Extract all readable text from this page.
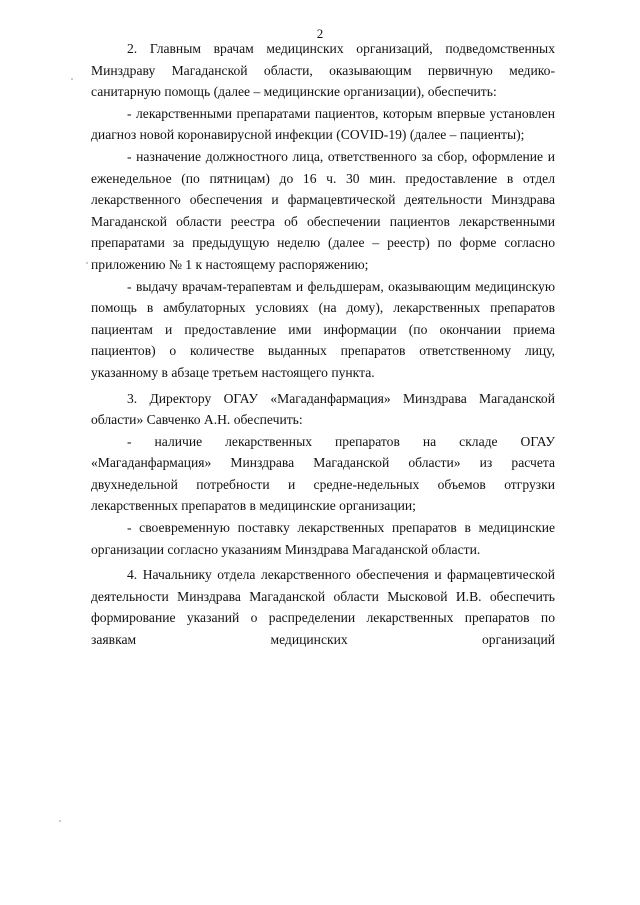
2

2. Главным врачам медицинских организаций, подведомственных Минздраву Магаданской области, оказывающим первичную медико-санитарную помощь (далее – медицинские организации), обеспечить:

- лекарственными препаратами пациентов, которым впервые установлен диагноз новой коронавирусной инфекции (COVID-19) (далее – пациенты);

- назначение должностного лица, ответственного за сбор, оформление и еженедельное (по пятницам) до 16 ч. 30 мин. предоставление в отдел лекарственного обеспечения и фармацевтической деятельности Минздрава Магаданской области реестра об обеспечении пациентов лекарственными препаратами за предыдущую неделю (далее – реестр) по форме согласно приложению № 1 к настоящему распоряжению;

- выдачу врачам-терапевтам и фельдшерам, оказывающим медицинскую помощь в амбулаторных условиях (на дому), лекарственных препаратов пациентам и предоставление ими информации (по окончании приема пациентов) о количестве выданных препаратов ответственному лицу, указанному в абзаце третьем настоящего пункта.

3. Директору ОГАУ «Магаданфармация» Минздрава Магаданской области» Савченко А.Н. обеспечить:

- наличие лекарственных препаратов на складе ОГАУ «Магаданфармация» Минздрава Магаданской области» из расчета двухнедельной потребности и средне-недельных объемов отгрузки лекарственных препаратов в медицинские организации;

- своевременную поставку лекарственных препаратов в медицинские организации согласно указаниям Минздрава Магаданской области.

4. Начальнику отдела лекарственного обеспечения и фармацевтической деятельности Минздрава Магаданской области Мысковой И.В. обеспечить формирование указаний о распределении лекарственных препаратов по заявкам медицинских организаций
